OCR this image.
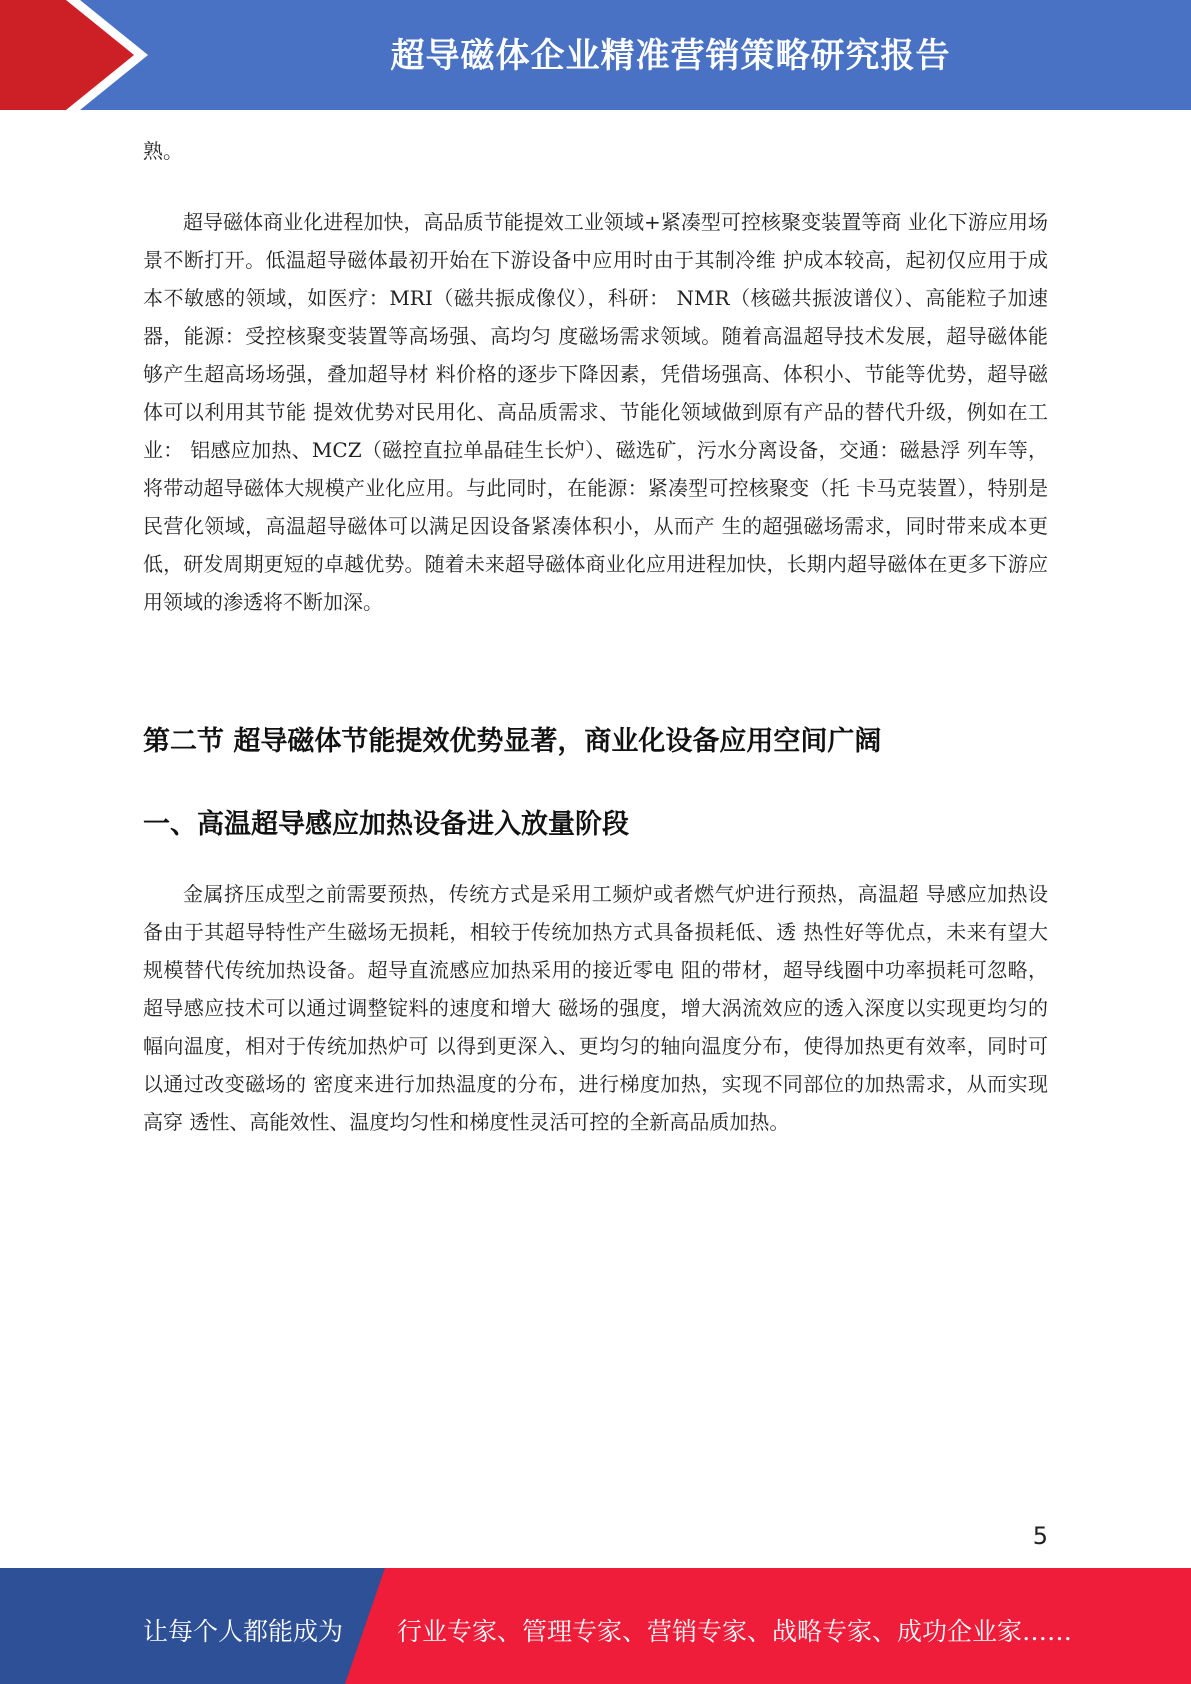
超导磁体企业精准营销策略研究报告

熟。

超导磁体商业化进程加快，高品质节能提效工业领域+紧凑型可控核聚变装置等商 业化下游应用场景不断打开。低温超导磁体最初开始在下游设备中应用时由于其制冷维 护成本较高，起初仅应用于成本不敏感的领域，如医疗：MRI（磁共振成像仪），科研： NMR（核磁共振波谱仪）、高能粒子加速器，能源：受控核聚变装置等高场强、高均匀 度磁场需求领域。随着高温超导技术发展，超导磁体能够产生超高场场强，叠加超导材 料价格的逐步下降因素，凭借场强高、体积小、节能等优势，超导磁体可以利用其节能 提效优势对民用化、高品质需求、节能化领域做到原有产品的替代升级，例如在工业： 铝感应加热、MCZ（磁控直拉单晶硅生长炉）、磁选矿，污水分离设备，交通：磁悬浮 列车等，将带动超导磁体大规模产业化应用。与此同时，在能源：紧凑型可控核聚变（托 卡马克装置），特别是民营化领域，高温超导磁体可以满足因设备紧凑体积小，从而产 生的超强磁场需求，同时带来成本更低，研发周期更短的卓越优势。随着未来超导磁体商业化应用进程加快，长期内超导磁体在更多下游应用领域的渗透将不断加深。

第二节 超导磁体节能提效优势显著，商业化设备应用空间广阔
一、高温超导感应加热设备进入放量阶段

金属挤压成型之前需要预热，传统方式是采用工频炉或者燃气炉进行预热，高温超 导感应加热设备由于其超导特性产生磁场无损耗，相较于传统加热方式具备损耗低、透 热性好等优点，未来有望大规模替代传统加热设备。超导直流感应加热采用的接近零电 阻的带材，超导线圈中功率损耗可忽略，超导感应技术可以通过调整锭料的速度和增大 磁场的强度，增大涡流效应的透入深度以实现更均匀的幅向温度，相对于传统加热炉可 以得到更深入、更均匀的轴向温度分布，使得加热更有效率，同时可以通过改变磁场的 密度来进行加热温度的分布，进行梯度加热，实现不同部位的加热需求，从而实现高穿 透性、高能效性、温度均匀性和梯度性灵活可控的全新高品质加热。

5
让每个人都能成为 行业专家、管理专家、营销专家、战略专家、成功企业家……
